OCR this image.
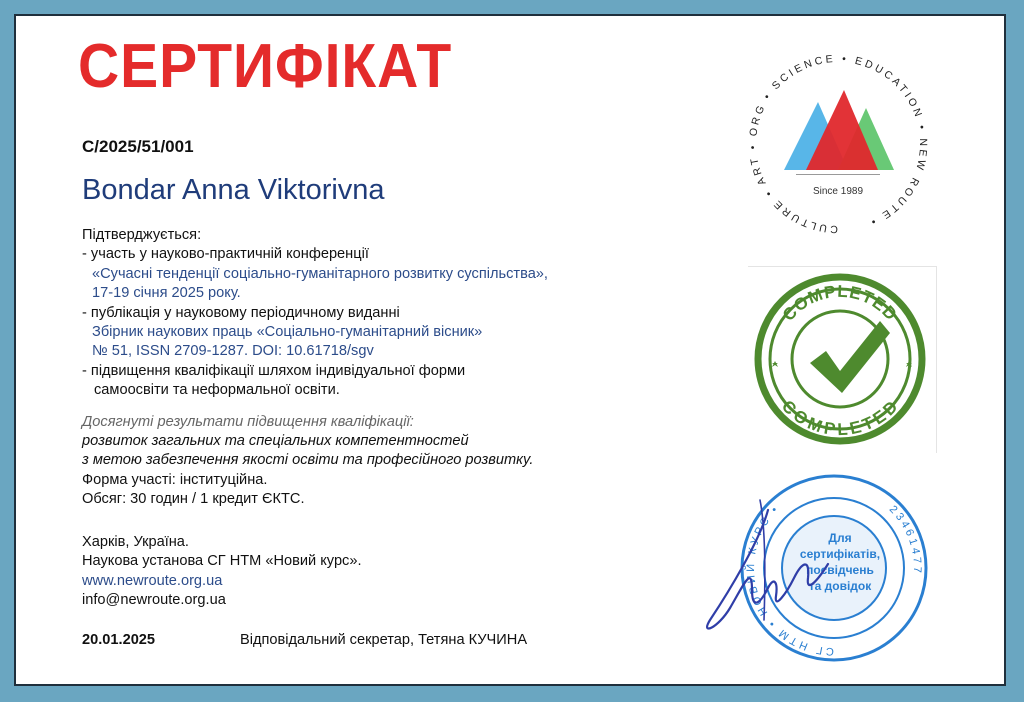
СЕРТИФІКАТ
C/2025/51/001
Bondar Anna Viktorivna
Підтверджується:
- участь у науково-практичній конференції
«Сучасні тенденції соціально-гуманітарного розвитку суспільства»,
17-19 січня 2025 року.
- публікація у науковому періодичному виданні
Збірник наукових праць «Соціально-гуманітарний вісник»
№ 51, ISSN 2709-1287. DOI: 10.61718/sgv
- підвищення кваліфікації шляхом індивідуальної форми
самоосвіти та неформальної освіти.
Досягнуті результати підвищення кваліфікації:
розвиток загальних та спеціальних компетентностей
з метою забезпечення якості освіти та професійного розвитку.
Форма участі: інституційна.
Обсяг: 30 годин / 1 кредит ЄКТС.
Харків, Україна.
Наукова установа СГ НТМ «Новий курс».
www.newroute.org.ua
info@newroute.org.ua
20.01.2025	Відповідальний секретар, Тетяна КУЧИНА
CULTURE • ART • ORG • SCIENCE • EDUCATION • NEW ROUTE •
Since 1989
COMPLETED
COMPLETED
СГ НТМ • НОВИЙ КУРС •	23461477
Для
сертифікатів,
посвідчень
та довідок
